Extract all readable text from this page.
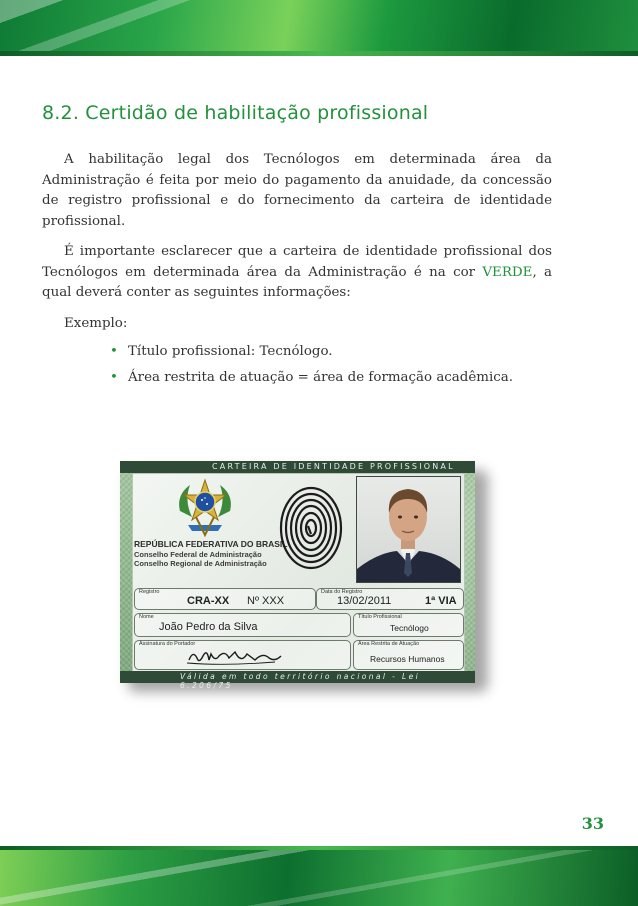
8.2. Certidão de habilitação profissional

A habilitação legal dos Tecnólogos em determinada área da Administração é feita por meio do pagamento da anuidade, da concessão de registro profissional e do fornecimento da carteira de identidade profissional.

É importante esclarecer que a carteira de identidade profissional dos Tecnólogos em determinada área da Administração é na cor VERDE, a qual deverá conter as seguintes informações:

Exemplo:

• Título profissional: Tecnólogo.
• Área restrita de atuação = área de formação acadêmica.
CARTEIRA DE IDENTIDADE PROFISSIONAL
REPÚBLICA FEDERATIVA DO BRASIL
Conselho Federal de Administração
Conselho Regional de Administração
Registro
CRA-XX Nº XXX
Data do Registro
13/02/2011	1ª VIA
Nome
João Pedro da Silva
Título Profissional
Tecnólogo
Assinatura do Portador	Área Restrita de Atuação
Recursos Humanos
Válida em todo território nacional - Lei 6.206/75
33
